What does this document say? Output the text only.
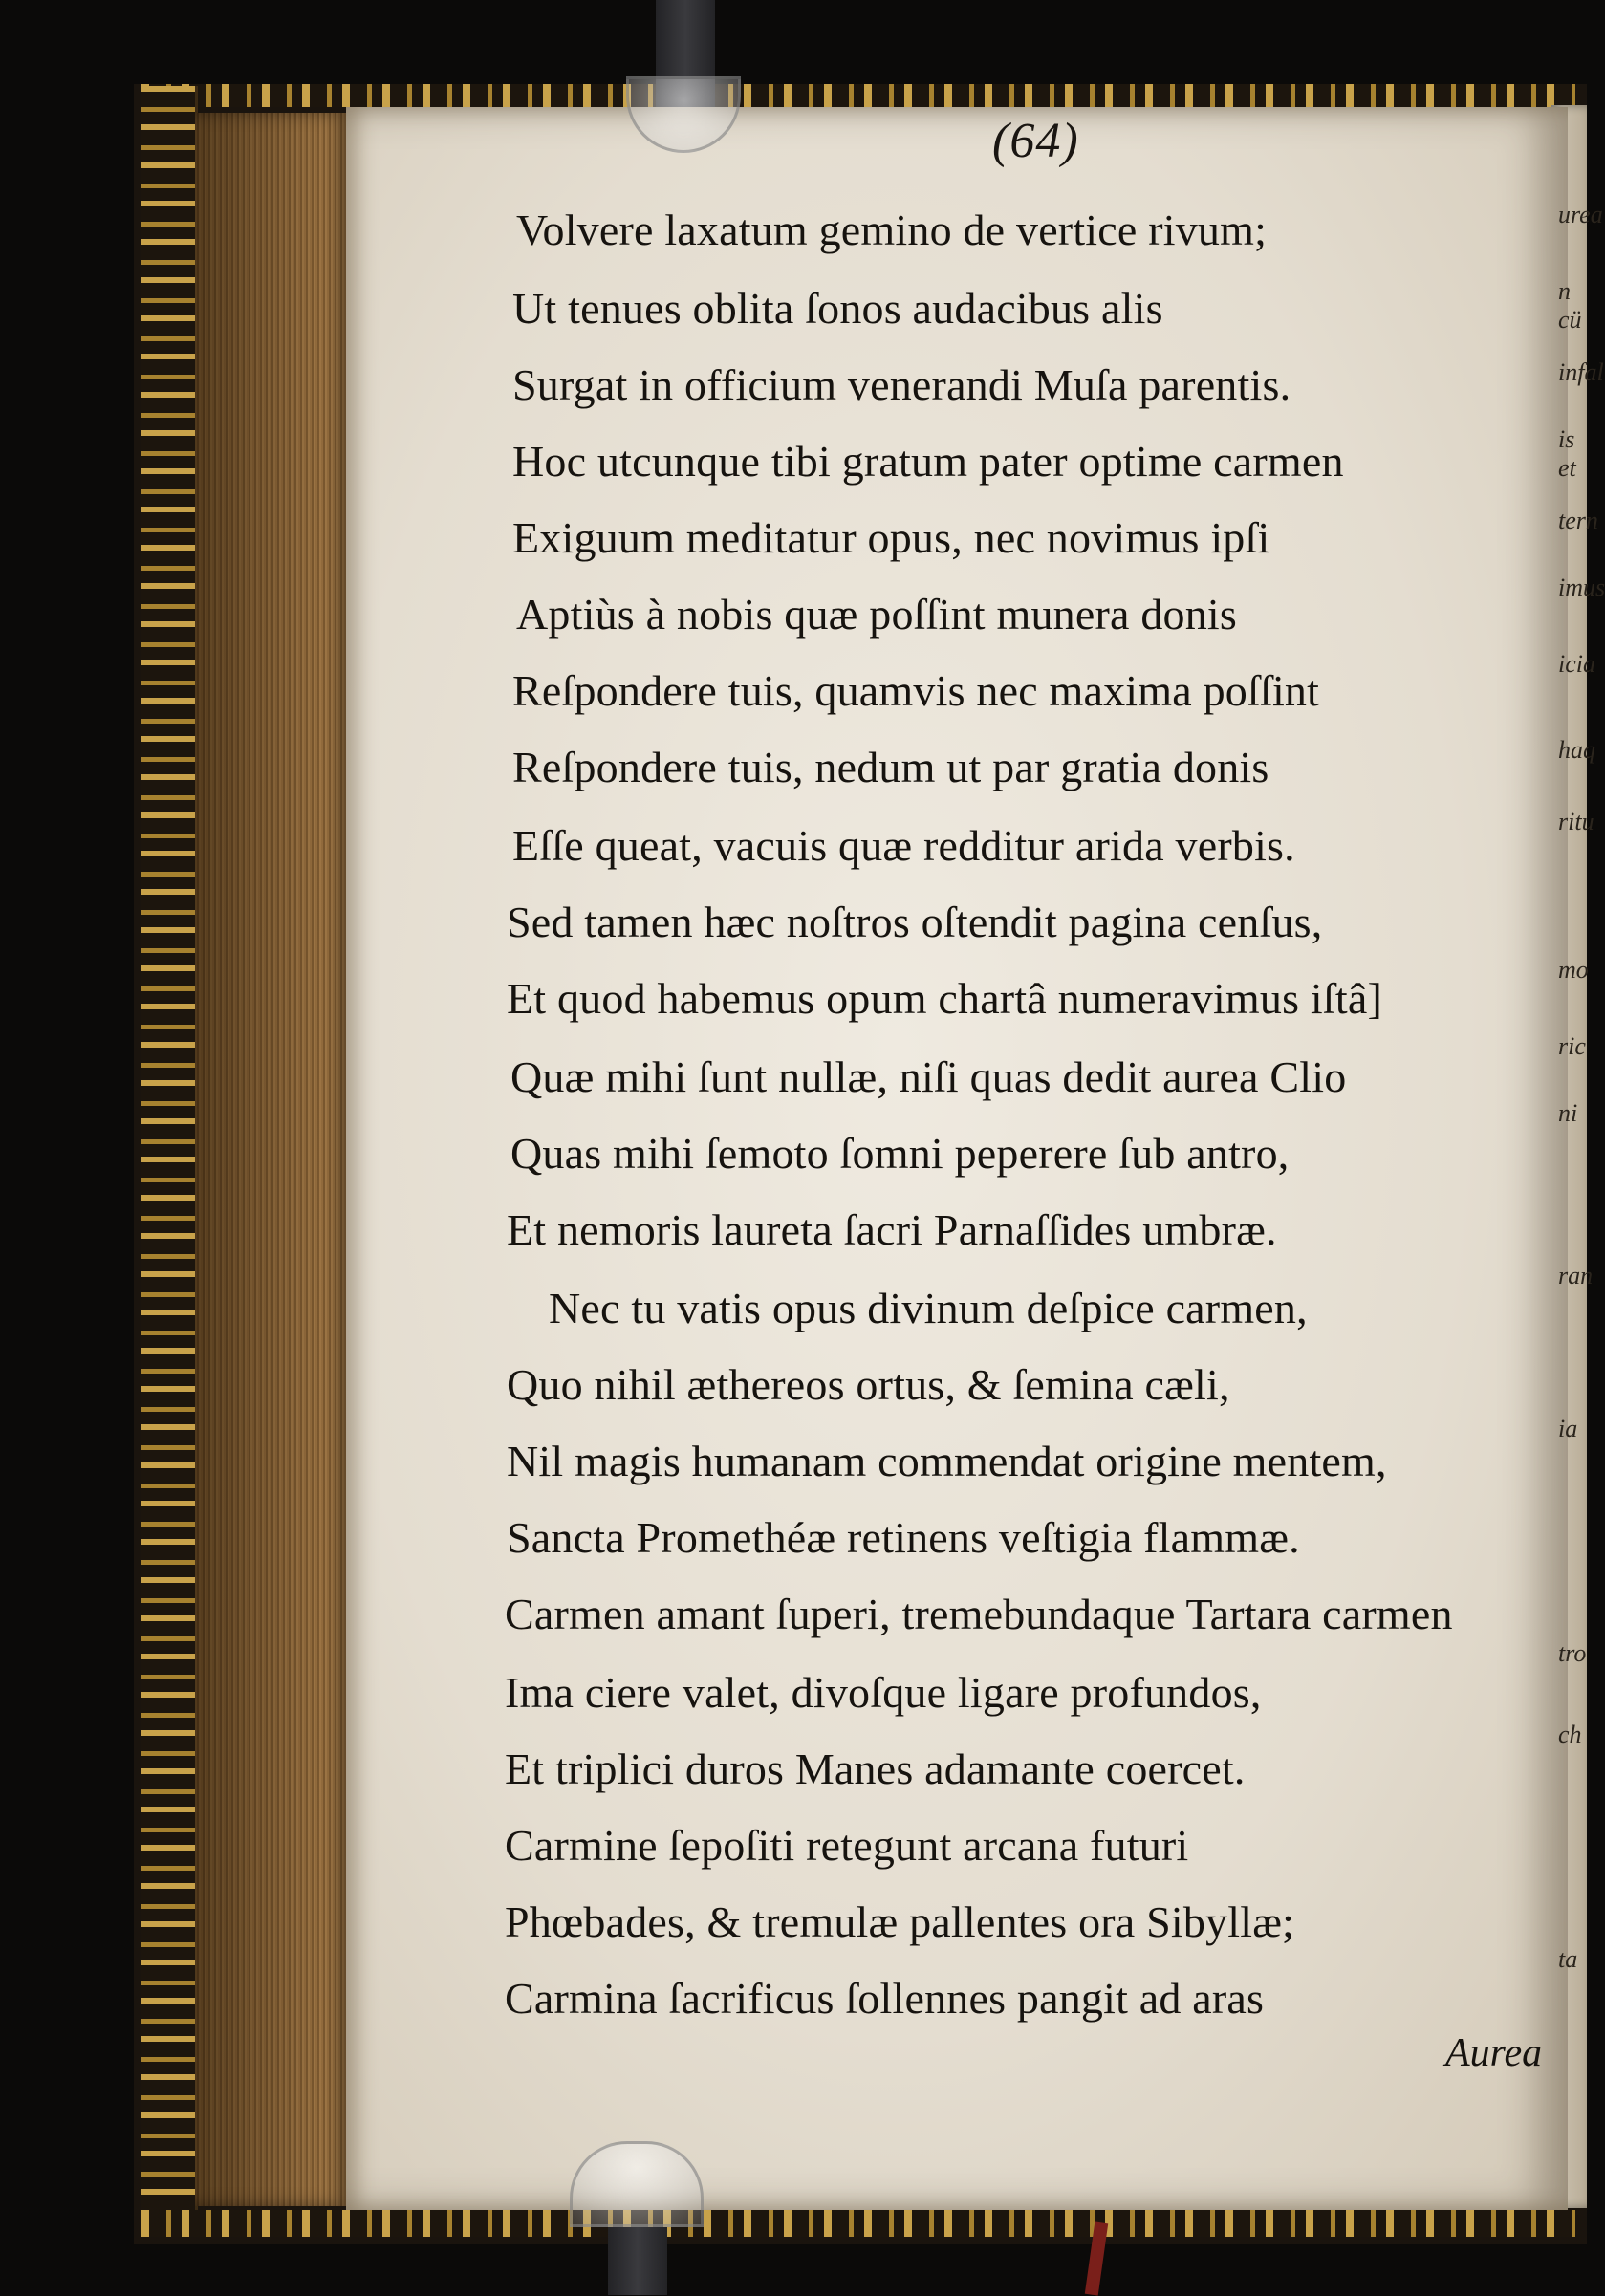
(64)
Volvere laxatum gemino de vertice rivum;
Ut tenues oblita ſonos audacibus alis
Surgat in officium venerandi Muſa parentis.
Hoc utcunque tibi gratum pater optime carmen
Exiguum meditatur opus, nec novimus ipſi
Aptiùs à nobis quæ poſſint munera donis
Reſpondere tuis, quamvis nec maxima poſſint
Reſpondere tuis, nedum ut par gratia donis
Eſſe queat, vacuis quæ redditur arida verbis.
Sed tamen hæc noſtros oſtendit pagina cenſus,
Et quod habemus opum chartâ numeravimus iſtâ]
Quæ mihi ſunt nullæ, niſi quas dedit aurea Clio
Quas mihi ſemoto ſomni peperere ſub antro,
Et nemoris laureta ſacri Parnaſſides umbræ.
Nec tu vatis opus divinum deſpice carmen,
Quo nihil æthereos ortus, & ſemina cæli,
Nil magis humanam commendat origine mentem,
Sancta Promethéæ retinens veſtigia flammæ.
Carmen amant ſuperi, tremebundaque Tartara carmen
Ima ciere valet, divoſque ligare profundos,
Et triplici duros Manes adamante coercet.
Carmine ſepoſiti retegunt arcana futuri
Phœbades, & tremulæ pallentes ora Sibyllæ;
Carmina ſacrificus ſollennes pangit ad aras
Aurea
urea
n cü
infal
is et
tern
imus
icia
haq
ritu
mo
ric
ni
ran
ia
tro
ch
ta
